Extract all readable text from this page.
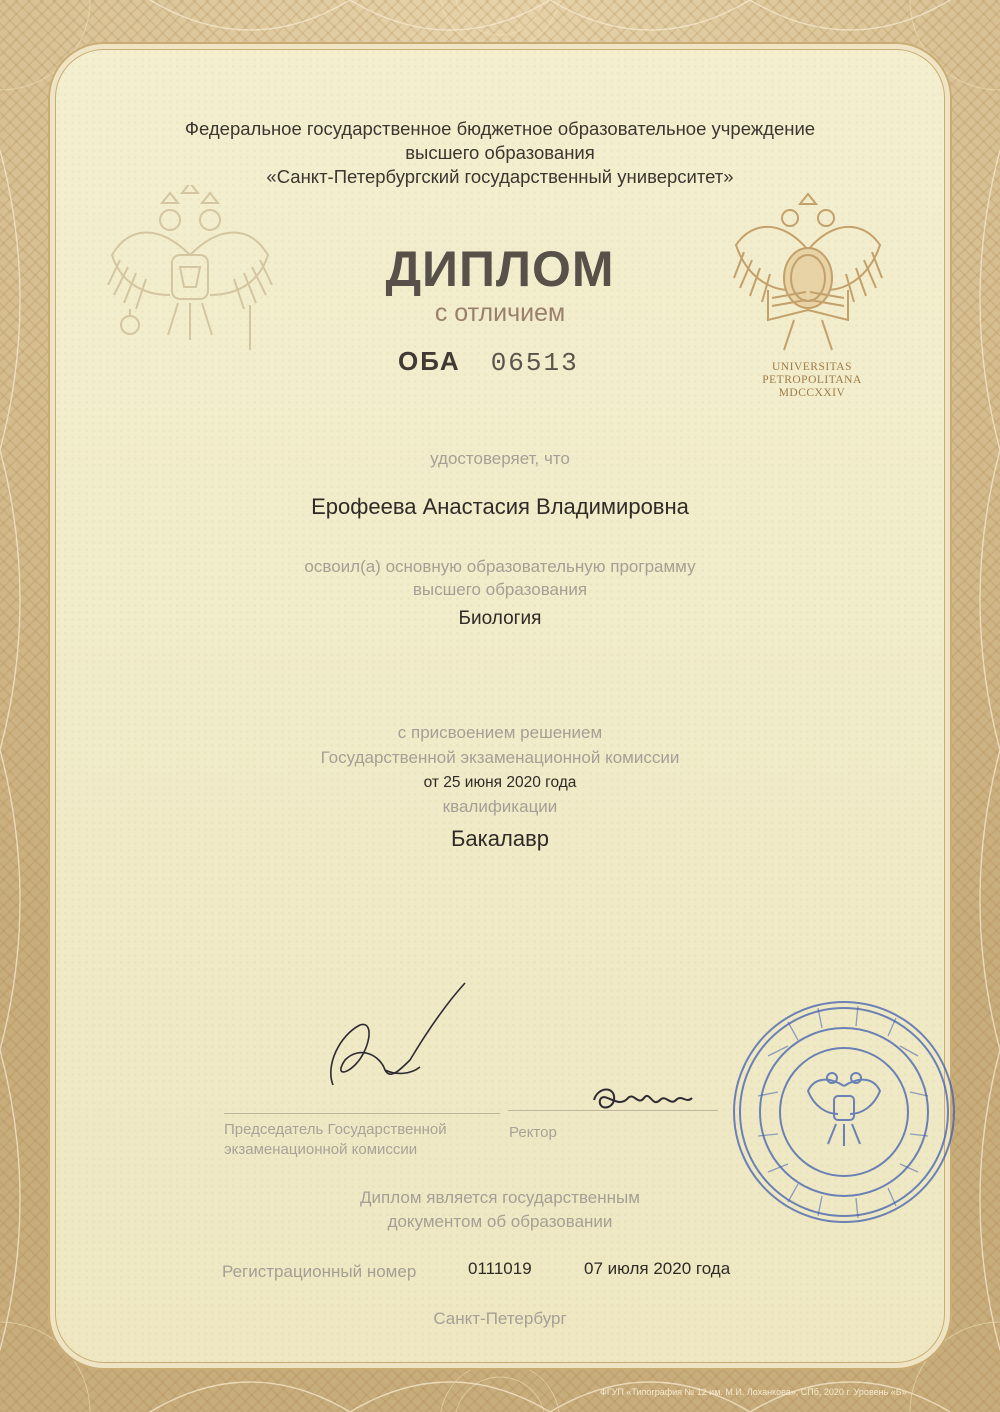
Федеральное государственное бюджетное образовательное учреждение

высшего образования

«Санкт-Петербургский государственный университет»

UNIVERSITAS
PETROPOLITANA
MDCCXXIV

ДИПЛОМ

с отличием

ОБА 06513

удостоверяет, что

Ерофеева Анастасия Владимировна

освоил(а) основную образовательную программу

высшего образования

Биология

с присвоением решением

Государственной экзаменационной комиссии

от 25 июня 2020 года

квалификации

Бакалавр

Председатель Государственной
экзаменационной комиссии
Ректор

Диплом является государственным

документом об образовании

Регистрационный номер	0111019	07 июля 2020 года

Санкт-Петербург

ФГУП «Типография № 12 им. М.И. Лоханкова», СПб, 2020 г. Уровень «Б»
